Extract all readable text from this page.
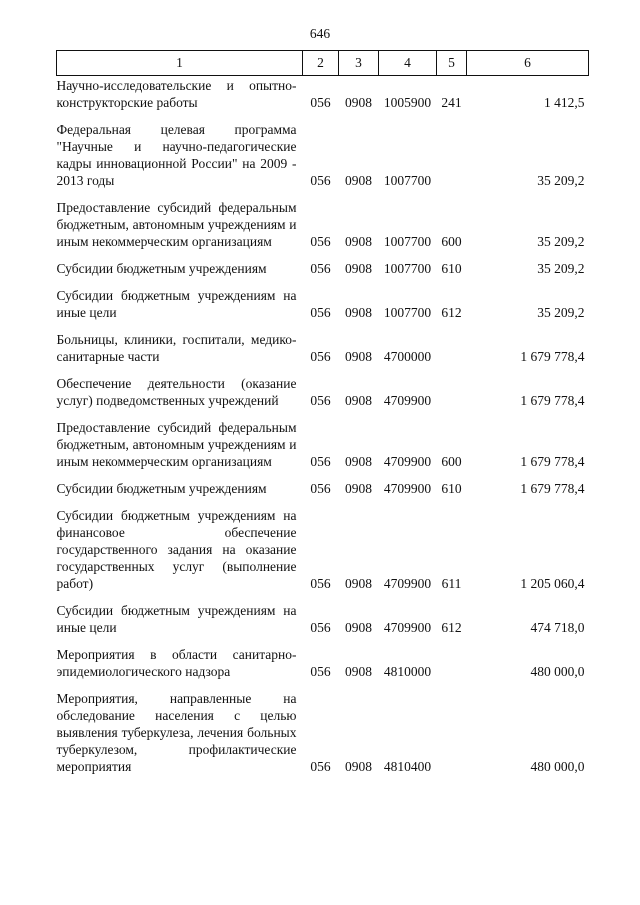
646
1	2	3	4	5	6
Научно-исследовательские и опытно-конструкторские работы	056	0908	1005900	241	1 412,5
Федеральная целевая программа "Научные и научно-педагогические кадры инновационной России" на 2009 - 2013 годы	056	0908	1007700		35 209,2
Предоставление субсидий федеральным бюджетным, автономным учреждениям и иным некоммерческим организациям	056	0908	1007700	600	35 209,2
Субсидии бюджетным учреждениям	056	0908	1007700	610	35 209,2
Субсидии бюджетным учреждениям на иные цели	056	0908	1007700	612	35 209,2
Больницы, клиники, госпитали, медико-санитарные части	056	0908	4700000		1 679 778,4
Обеспечение деятельности (оказание услуг) подведомственных учреждений	056	0908	4709900		1 679 778,4
Предоставление субсидий федеральным бюджетным, автономным учреждениям и иным некоммерческим организациям	056	0908	4709900	600	1 679 778,4
Субсидии бюджетным учреждениям	056	0908	4709900	610	1 679 778,4
Субсидии бюджетным учреждениям на финансовое обеспечение государственного задания на оказание государственных услуг (выполнение работ)	056	0908	4709900	611	1 205 060,4
Субсидии бюджетным учреждениям на иные цели	056	0908	4709900	612	474 718,0
Мероприятия в области санитарно-эпидемиологического надзора	056	0908	4810000		480 000,0
Мероприятия, направленные на обследование населения с целью выявления туберкулеза, лечения больных туберкулезом, профилактические мероприятия	056	0908	4810400		480 000,0
